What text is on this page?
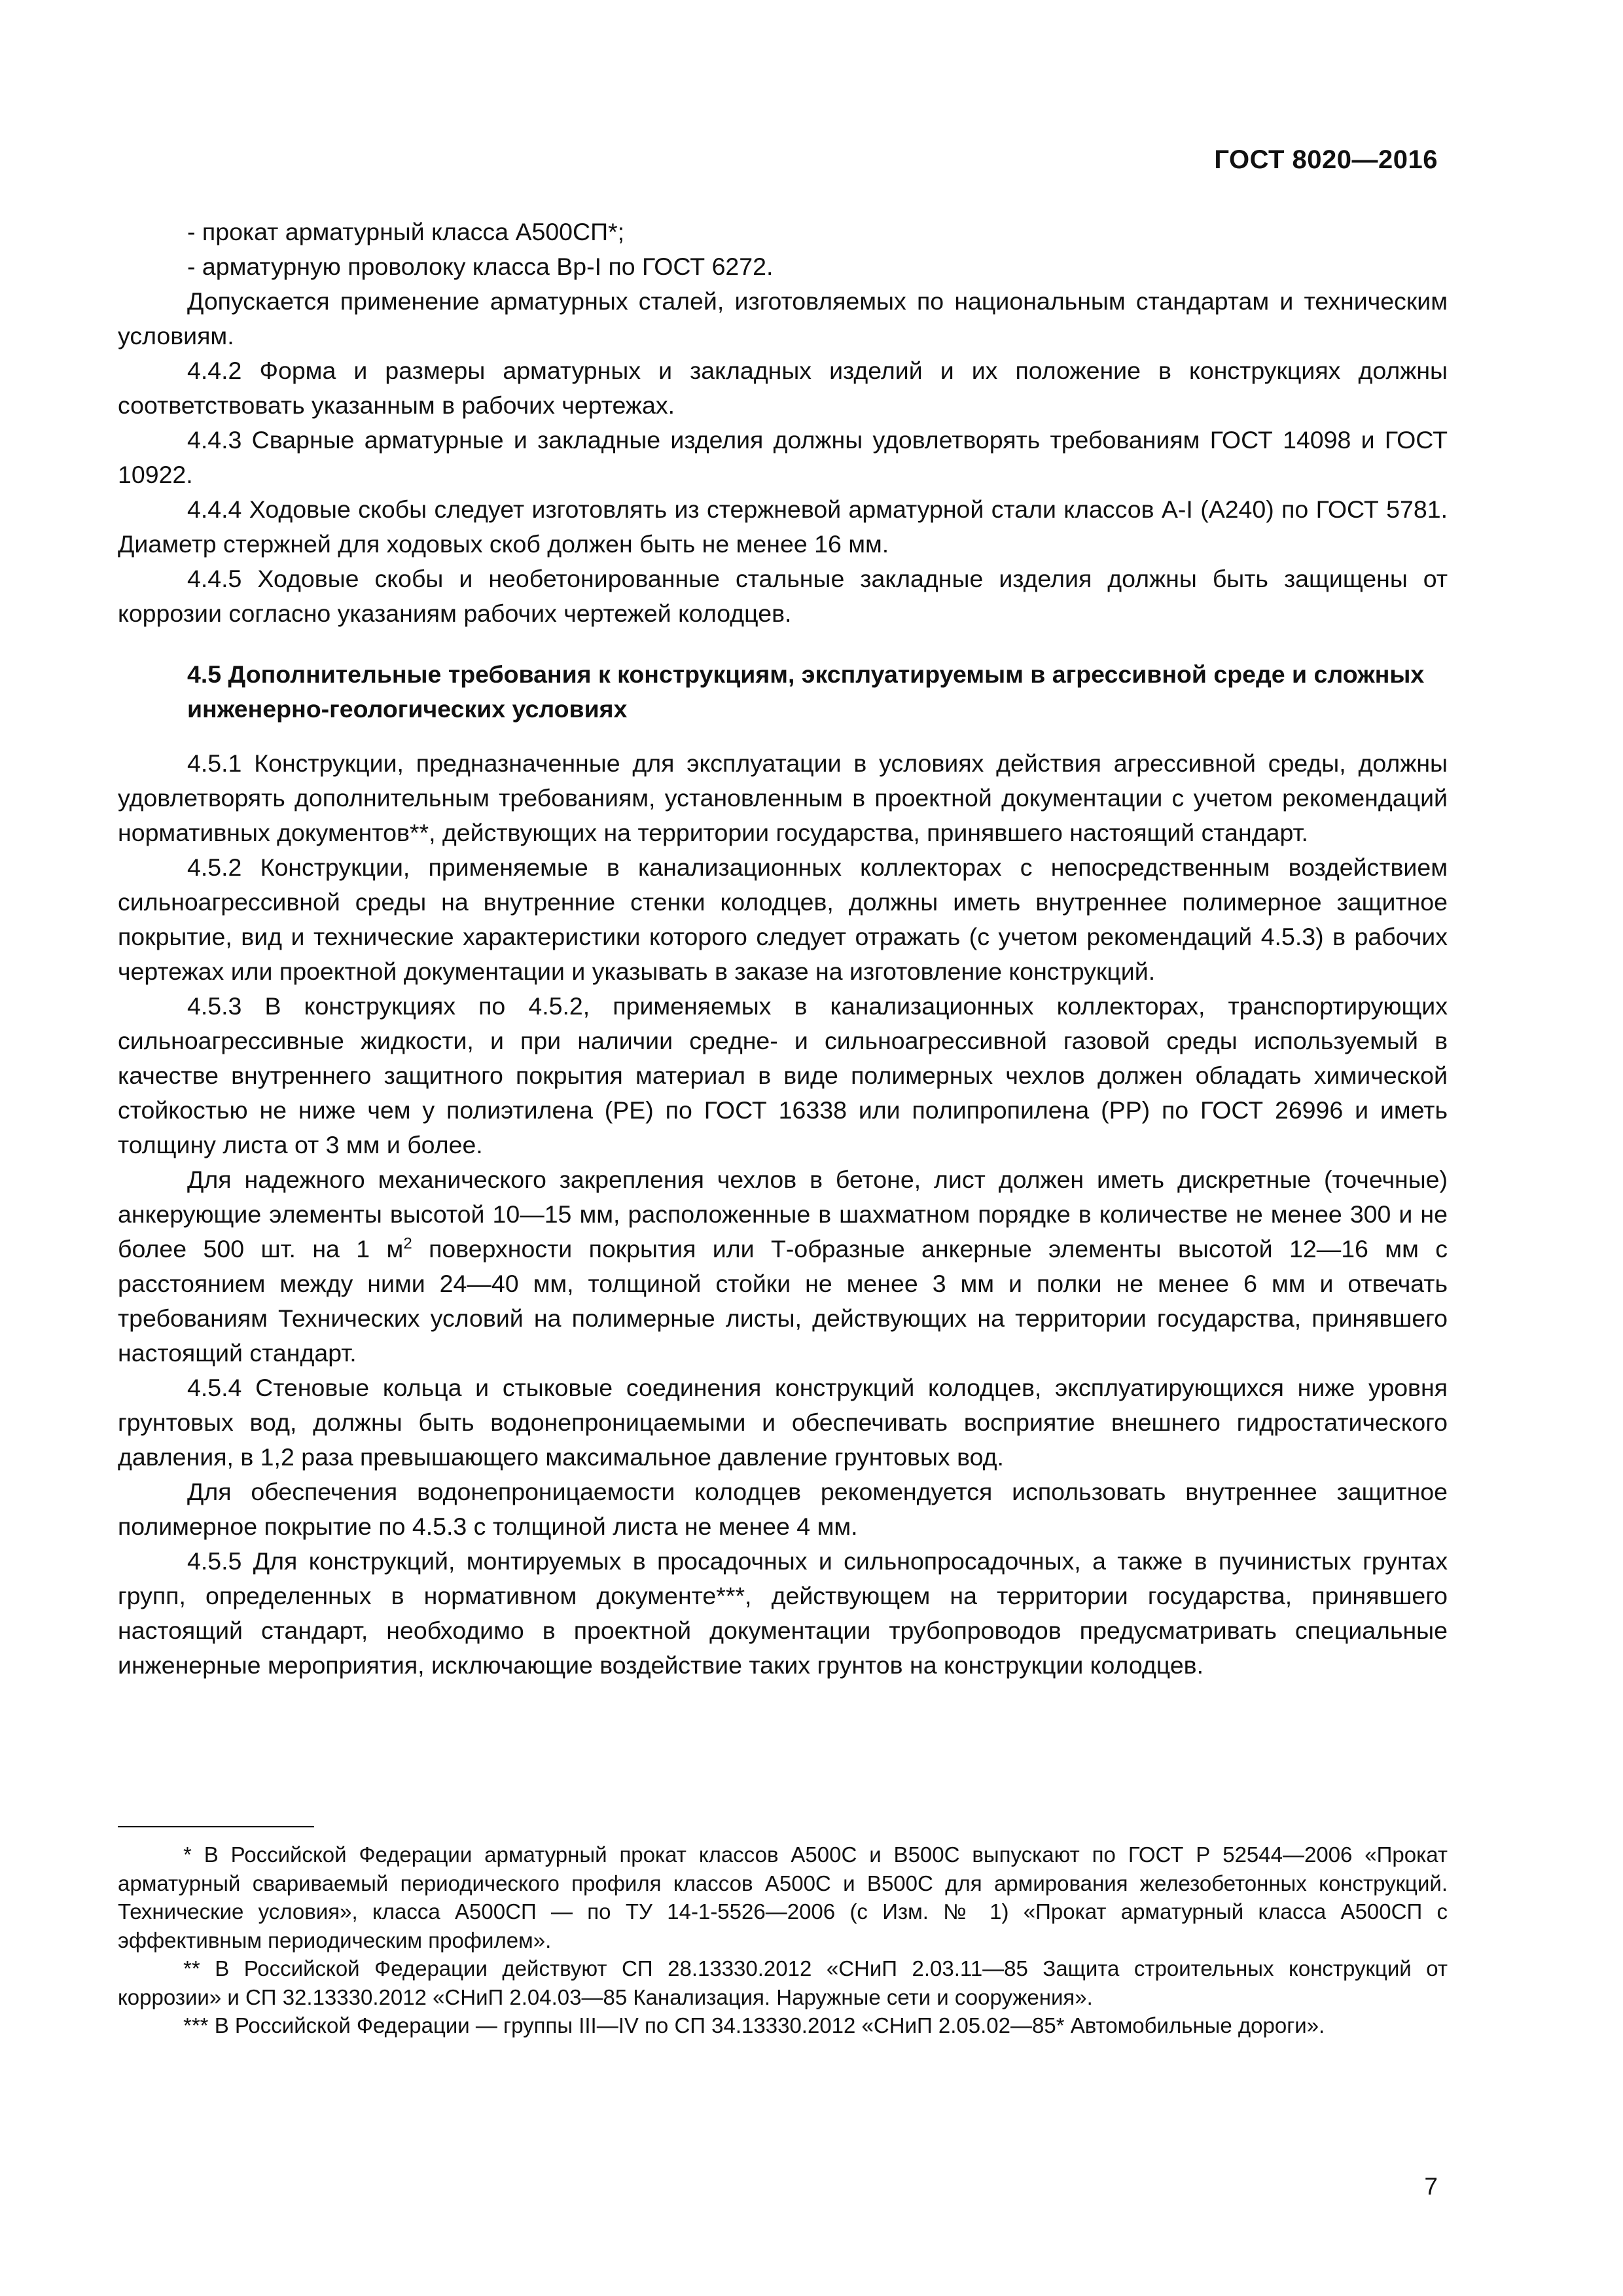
ГОСТ 8020—2016

- прокат арматурный класса А500СП*;

- арматурную проволоку класса Вр-I по ГОСТ 6272.

Допускается применение арматурных сталей, изготовляемых по национальным стандартам и техническим условиям.

4.4.2 Форма и размеры арматурных и закладных изделий и их положение в конструкциях должны соответствовать указанным в рабочих чертежах.

4.4.3 Сварные арматурные и закладные изделия должны удовлетворять требованиям ГОСТ 14098 и ГОСТ 10922.

4.4.4 Ходовые скобы следует изготовлять из стержневой арматурной стали классов А-I (А240) по ГОСТ 5781. Диаметр стержней для ходовых скоб должен быть не менее 16 мм.

4.4.5 Ходовые скобы и необетонированные стальные закладные изделия должны быть защищены от коррозии согласно указаниям рабочих чертежей колодцев.

4.5 Дополнительные требования к конструкциям, эксплуатируемым в агрессивной среде и сложных инженерно-геологических условиях

4.5.1 Конструкции, предназначенные для эксплуатации в условиях действия агрессивной среды, должны удовлетворять дополнительным требованиям, установленным в проектной документации с учетом рекомендаций нормативных документов**, действующих на территории государства, принявшего настоящий стандарт.

4.5.2 Конструкции, применяемые в канализационных коллекторах с непосредственным воздействием сильноагрессивной среды на внутренние стенки колодцев, должны иметь внутреннее полимерное защитное покрытие, вид и технические характеристики которого следует отражать (с учетом рекомендаций 4.5.3) в рабочих чертежах или проектной документации и указывать в заказе на изготовление конструкций.

4.5.3 В конструкциях по 4.5.2, применяемых в канализационных коллекторах, транспортирующих сильноагрессивные жидкости, и при наличии средне- и сильноагрессивной газовой среды используемый в качестве внутреннего защитного покрытия материал в виде полимерных чехлов должен обладать химической стойкостью не ниже чем у полиэтилена (РЕ) по ГОСТ 16338 или полипропилена (РР) по ГОСТ 26996 и иметь толщину листа от 3 мм и более.

Для надежного механического закрепления чехлов в бетоне, лист должен иметь дискретные (точечные) анкерующие элементы высотой 10—15 мм, расположенные в шахматном порядке в количестве не менее 300 и не более 500 шт. на 1 $м^2$ поверхности покрытия или Т-образные анкерные элементы высотой 12—16 мм с расстоянием между ними 24—40 мм, толщиной стойки не менее 3 мм и полки не менее 6 мм и отвечать требованиям Технических условий на полимерные листы, действующих на территории государства, принявшего настоящий стандарт.

4.5.4 Стеновые кольца и стыковые соединения конструкций колодцев, эксплуатирующихся ниже уровня грунтовых вод, должны быть водонепроницаемыми и обеспечивать восприятие внешнего гидростатического давления, в 1,2 раза превышающего максимальное давление грунтовых вод.

Для обеспечения водонепроницаемости колодцев рекомендуется использовать внутреннее защитное полимерное покрытие по 4.5.3 с толщиной листа не менее 4 мм.

4.5.5 Для конструкций, монтируемых в просадочных и сильнопросадочных, а также в пучинистых грунтах групп, определенных в нормативном документе***, действующем на территории государства, принявшего настоящий стандарт, необходимо в проектной документации трубопроводов предусматривать специальные инженерные мероприятия, исключающие воздействие таких грунтов на конструкции колодцев.

* В Российской Федерации арматурный прокат классов А500С и В500С выпускают по ГОСТ Р 52544—2006 «Прокат арматурный свариваемый периодического профиля классов А500С и В500С для армирования железобетонных конструкций. Технические условия», класса А500СП — по ТУ 14-1-5526—2006 (с Изм. № 1) «Прокат арматурный класса А500СП с эффективным периодическим профилем».

** В Российской Федерации действуют СП 28.13330.2012 «СНиП 2.03.11—85 Защита строительных конструкций от коррозии» и СП 32.13330.2012 «СНиП 2.04.03—85 Канализация. Наружные сети и сооружения».

*** В Российской Федерации — группы III—IV по СП 34.13330.2012 «СНиП 2.05.02—85* Автомобильные дороги».

7
